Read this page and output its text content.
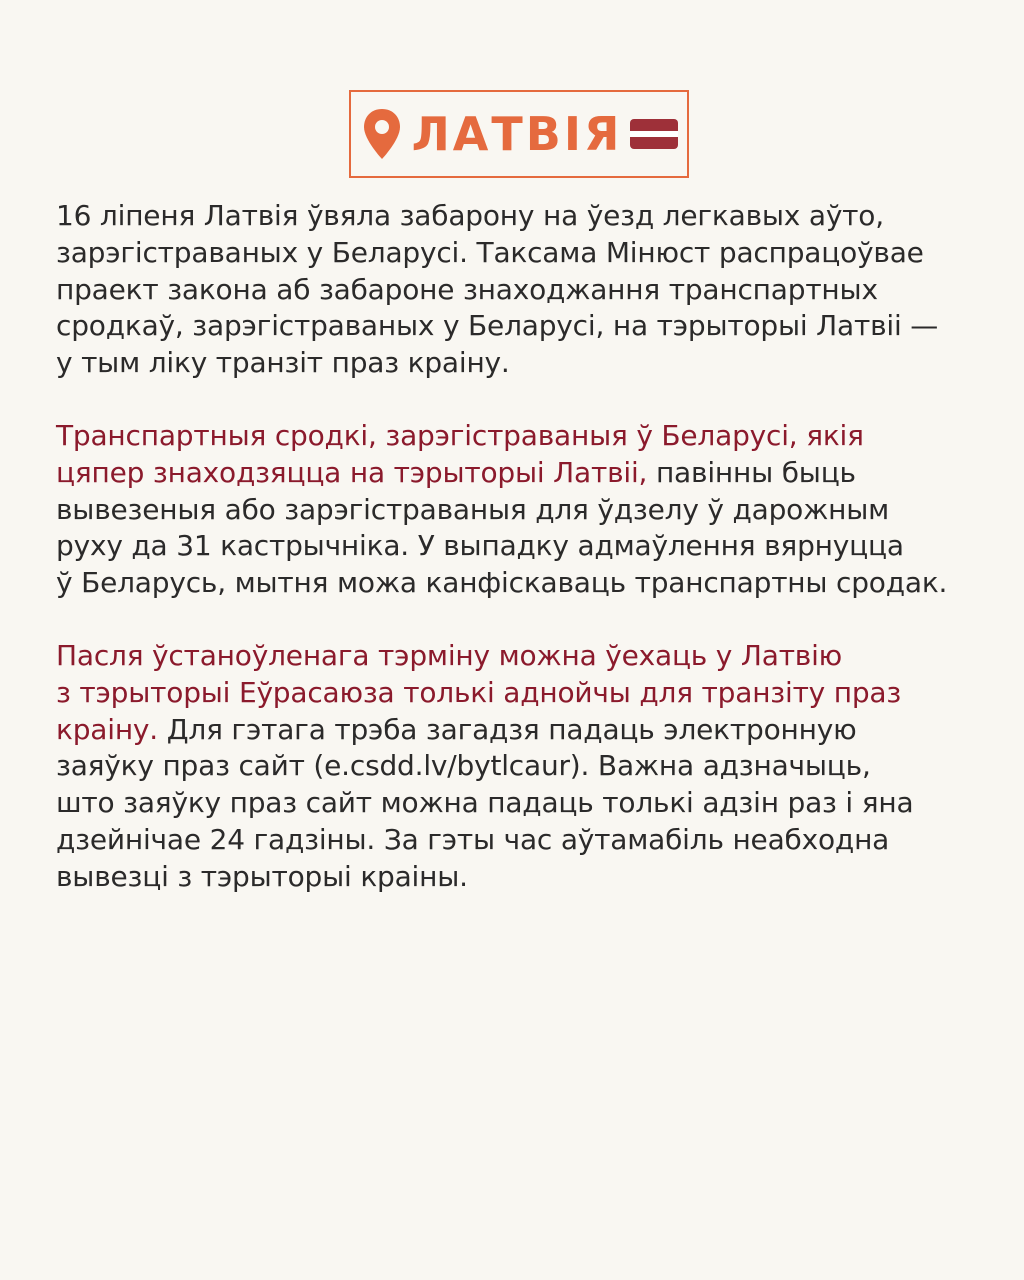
ЛАТВІЯ

16 ліпеня Латвія ўвяла забарону на ўезд легкавых аўто,
зарэгістраваных у Беларусі. Таксама Мінюст распрацоўвае
праект закона аб забароне знаходжання транспартных
сродкаў, зарэгістраваных у Беларусі, на тэрыторыі Латвіі —
у тым ліку транзіт праз краіну.

Транспартныя сродкі, зарэгістраваныя ў Беларусі, якія
цяпер знаходзяцца на тэрыторыі Латвіі, павінны быць
вывезеныя або зарэгістраваныя для ўдзелу ў дарожным
руху да 31 кастрычніка. У выпадку адмаўлення вярнуцца
ў Беларусь, мытня можа канфіскаваць транспартны сродак.

Пасля ўстаноўленага тэрміну можна ўехаць у Латвію
з тэрыторыі Еўрасаюза толькі аднойчы для транзіту праз
краіну. Для гэтага трэба загадзя падаць электронную
заяўку праз сайт (e.csdd.lv/bytlcaur). Важна адзначыць,
што заяўку праз сайт можна падаць толькі адзін раз і яна
дзейнічае 24 гадзіны. За гэты час аўтамабіль неабходна
вывезці з тэрыторыі краіны.
